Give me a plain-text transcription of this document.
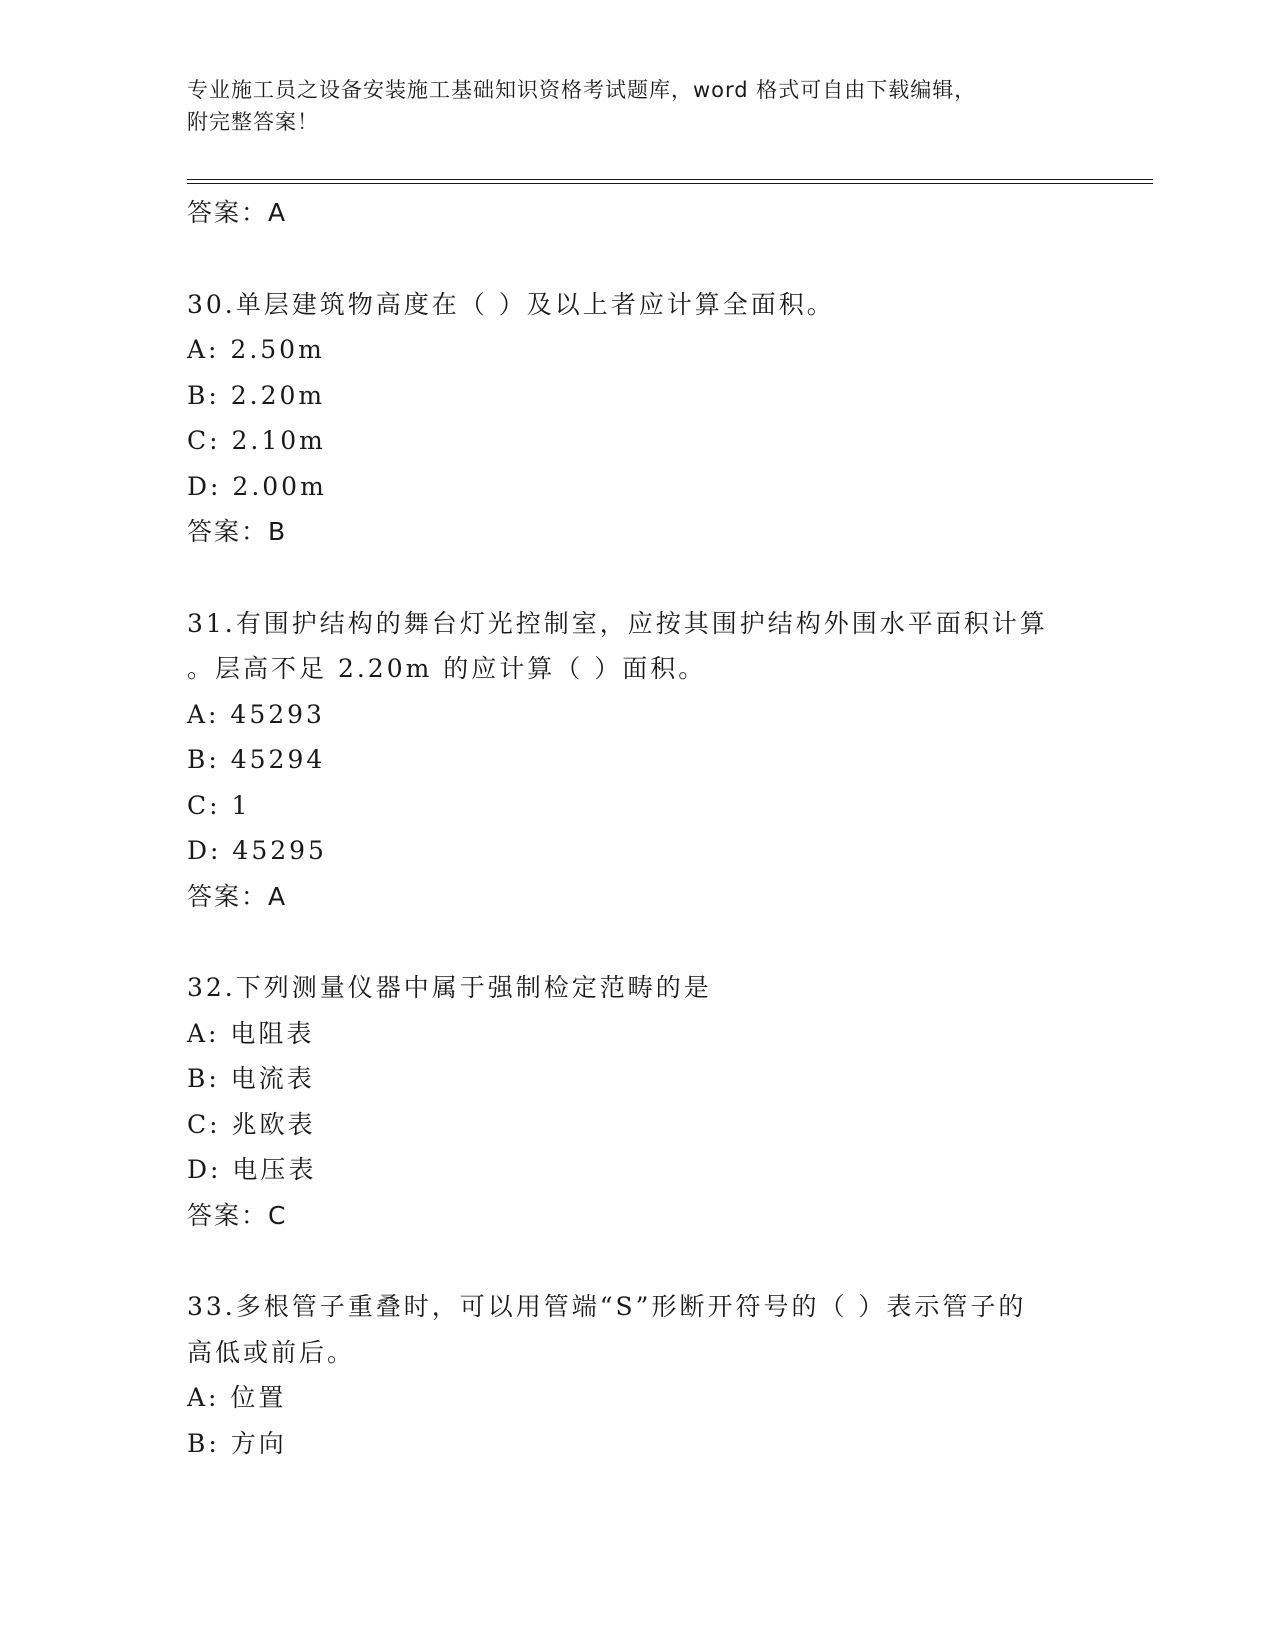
专业施工员之设备安装施工基础知识资格考试题库，word 格式可自由下载编辑，
附完整答案！
答案：A
30.单层建筑物高度在（ ）及以上者应计算全面积。
A: 2.50m
B: 2.20m
C: 2.10m
D: 2.00m
答案：B
31.有围护结构的舞台灯光控制室，应按其围护结构外围水平面积计算
。层高不足 2.20m 的应计算（ ）面积。
A: 45293
B: 45294
C: 1
D: 45295
答案：A
32.下列测量仪器中属于强制检定范畴的是
A: 电阻表
B: 电流表
C: 兆欧表
D: 电压表
答案：C
33.多根管子重叠时，可以用管端“S”形断开符号的（ ）表示管子的
高低或前后。
A: 位置
B: 方向
